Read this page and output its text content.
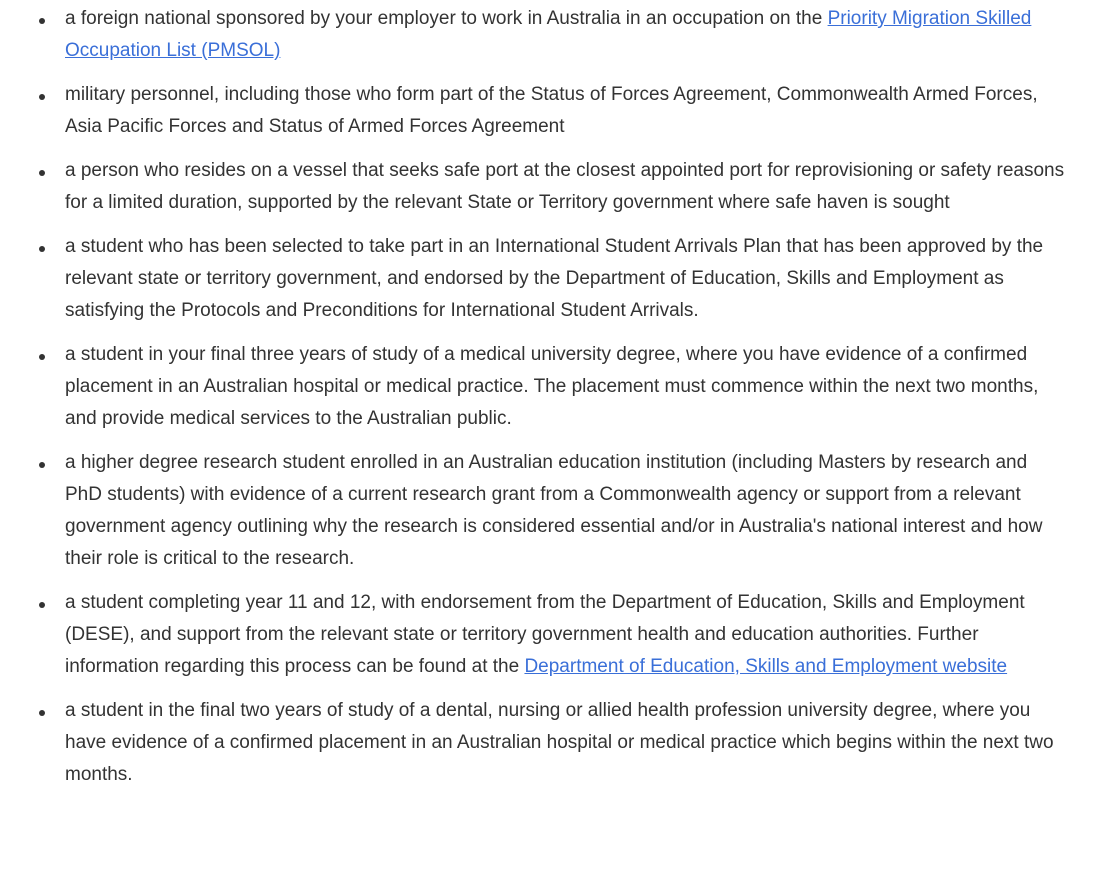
a foreign national sponsored by your employer to work in Australia in an occupation on the Priority Migration Skilled Occupation List (PMSOL)
military personnel, including those who form part of the Status of Forces Agreement, Commonwealth Armed Forces, Asia Pacific Forces and Status of Armed Forces Agreement
a person who resides on a vessel that seeks safe port at the closest appointed port for reprovisioning or safety reasons for a limited duration, supported by the relevant State or Territory government where safe haven is sought
a student who has been selected to take part in an International Student Arrivals Plan that has been approved by the relevant state or territory government, and endorsed by the Department of Education, Skills and Employment as satisfying the Protocols and Preconditions for International Student Arrivals.
a student in your final three years of study of a medical university degree, where you have evidence of a confirmed placement in an Australian hospital or medical practice. The placement must commence within the next two months, and provide medical services to the Australian public.
a higher degree research student enrolled in an Australian education institution (including Masters by research and PhD students) with evidence of a current research grant from a Commonwealth agency or support from a relevant government agency outlining why the research is considered essential and/or in Australia's national interest and how their role is critical to the research.
a student completing year 11 and 12, with endorsement from the Department of Education, Skills and Employment (DESE), and support from the relevant state or territory government health and education authorities. Further information regarding this process can be found at the Department of Education, Skills and Employment website
a student in the final two years of study of a dental, nursing or allied health profession university degree, where you have evidence of a confirmed placement in an Australian hospital or medical practice which begins within the next two months.
